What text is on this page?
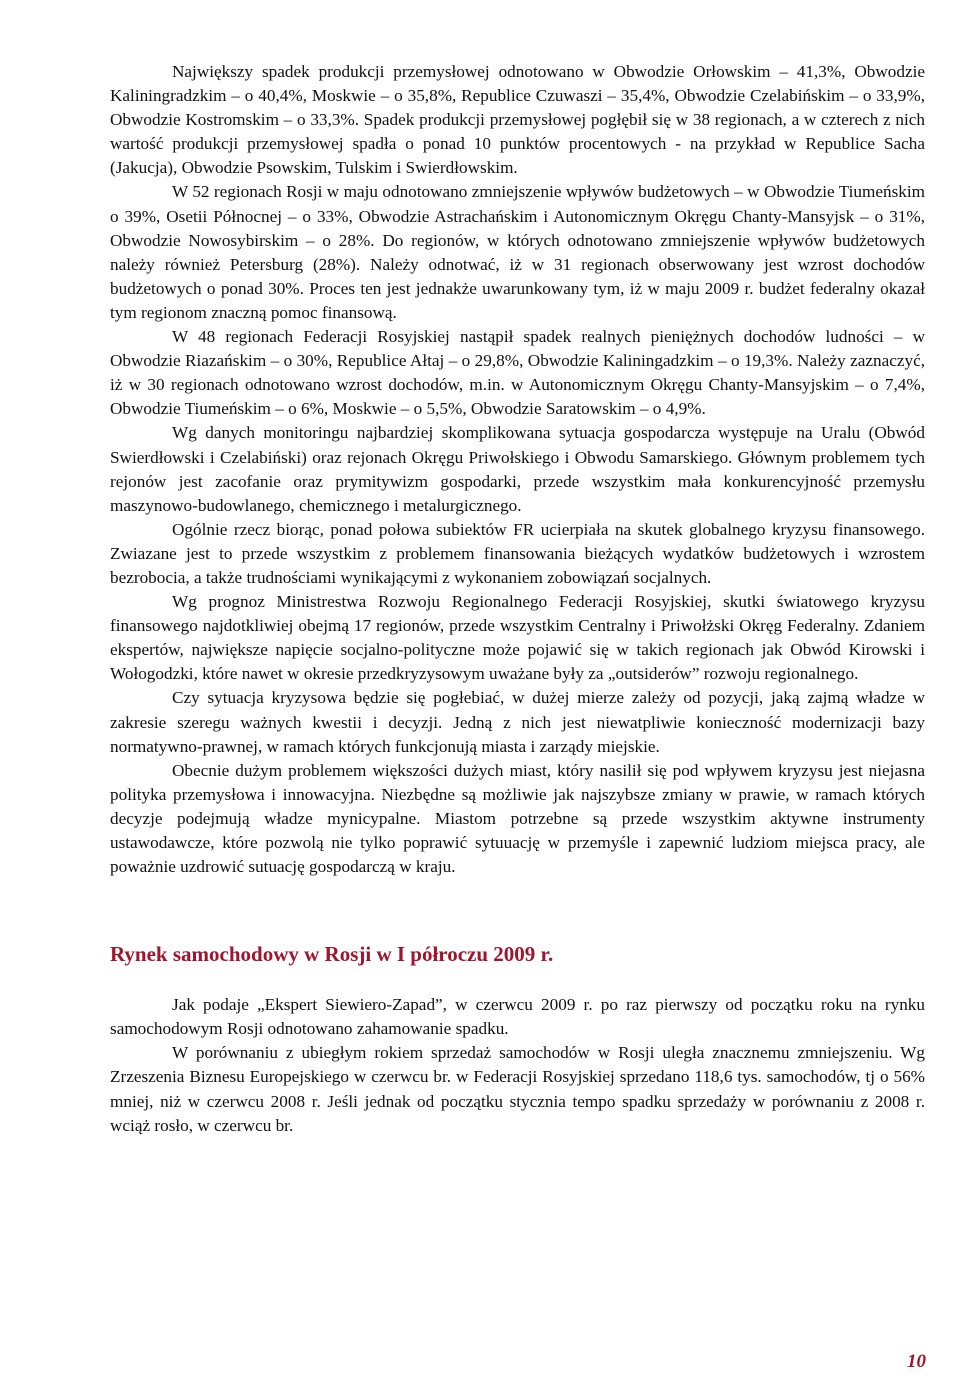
Największy spadek produkcji przemysłowej odnotowano w Obwodzie Orłowskim – 41,3%, Obwodzie Kaliningradzkim – o 40,4%, Moskwie – o 35,8%, Republice Czuwaszi – 35,4%, Obwodzie Czelabińskim – o 33,9%, Obwodzie Kostromskim – o 33,3%. Spadek produkcji przemysłowej pogłębił się w 38 regionach, a w czterech z nich wartość produkcji przemysłowej spadła o ponad 10 punktów procentowych - na przykład w Republice Sacha (Jakucja), Obwodzie Psowskim, Tulskim i Swierdłowskim.

W 52 regionach Rosji w maju odnotowano zmniejszenie wpływów budżetowych – w Obwodzie Tiumeńskim o 39%, Osetii Północnej – o 33%, Obwodzie Astrachańskim i Autonomicznym Okręgu Chanty-Mansyjsk – o 31%, Obwodzie Nowosybirskim – o 28%. Do regionów, w których odnotowano zmniejszenie wpływów budżetowych należy również Petersburg (28%). Należy odnotwać, iż w 31 regionach obserwowany jest wzrost dochodów budżetowych o ponad 30%. Proces ten jest jednakże uwarunkowany tym, iż w maju 2009 r. budżet federalny okazał tym regionom znaczną pomoc finansową.

W 48 regionach Federacji Rosyjskiej nastąpił spadek realnych pieniężnych dochodów ludności – w Obwodzie Riazańskim – o 30%, Republice Ałtaj – o 29,8%, Obwodzie Kaliningadzkim – o 19,3%. Należy zaznaczyć, iż w 30 regionach odnotowano wzrost dochodów, m.in. w Autonomicznym Okręgu Chanty-Mansyjskim – o 7,4%, Obwodzie Tiumeńskim – o 6%, Moskwie – o 5,5%, Obwodzie Saratowskim – o 4,9%.

Wg danych monitoringu najbardziej skomplikowana sytuacja gospodarcza występuje na Uralu (Obwód Swierdłowski i Czelabiński) oraz rejonach Okręgu Priwołskiego i Obwodu Samarskiego. Głównym problemem tych rejonów jest zacofanie oraz prymitywizm gospodarki, przede wszystkim mała konkurencyjność przemysłu maszynowo-budowlanego, chemicznego i metalurgicznego.

Ogólnie rzecz biorąc, ponad połowa subiektów FR ucierpiała na skutek globalnego kryzysu finansowego. Zwiazane jest to przede wszystkim z problemem finansowania bieżących wydatków budżetowych i wzrostem bezrobocia, a także trudnościami wynikającymi z wykonaniem zobowiązań socjalnych.

Wg prognoz Ministrestwa Rozwoju Regionalnego Federacji Rosyjskiej, skutki światowego kryzysu finansowego najdotkliwiej obejmą 17 regionów, przede wszystkim Centralny i Priwołżski Okręg Federalny. Zdaniem ekspertów, największe napięcie socjalno-polityczne może pojawić się w takich regionach jak Obwód Kirowski i Wołogodzki, które nawet w okresie przedkryzysowym uważane były za „outsiderów” rozwoju regionalnego.

Czy sytuacja kryzysowa będzie się pogłebiać, w dużej mierze zależy od pozycji, jaką zajmą władze w zakresie szeregu ważnych kwestii i decyzji. Jedną z nich jest niewatpliwie konieczność modernizacji bazy normatywno-prawnej, w ramach których funkcjonują miasta i zarządy miejskie.

Obecnie dużym problemem większości dużych miast, który nasilił się pod wpływem kryzysu jest niejasna polityka przemysłowa i innowacyjna. Niezbędne są możliwie jak najszybsze zmiany w prawie, w ramach których decyzje podejmują władze mynicypalne. Miastom potrzebne są przede wszystkim aktywne instrumenty ustawodawcze, które pozwolą nie tylko poprawić sytuuację w przemyśle i zapewnić ludziom miejsca pracy, ale poważnie uzdrowić sutuację gospodarczą w kraju.

Rynek samochodowy w Rosji w I półroczu 2009 r.

Jak podaje „Ekspert Siewiero-Zapad”, w czerwcu 2009 r. po raz pierwszy od początku roku na rynku samochodowym Rosji odnotowano zahamowanie spadku.

W porównaniu z ubiegłym rokiem sprzedaż samochodów w Rosji uległa znacznemu zmniejszeniu. Wg Zrzeszenia Biznesu Europejskiego w czerwcu br. w Federacji Rosyjskiej sprzedano 118,6 tys. samochodów, tj o 56% mniej, niż w czerwcu 2008 r. Jeśli jednak od początku stycznia tempo spadku sprzedaży w porównaniu z 2008 r. wciąż rosło, w czerwcu br.

10
